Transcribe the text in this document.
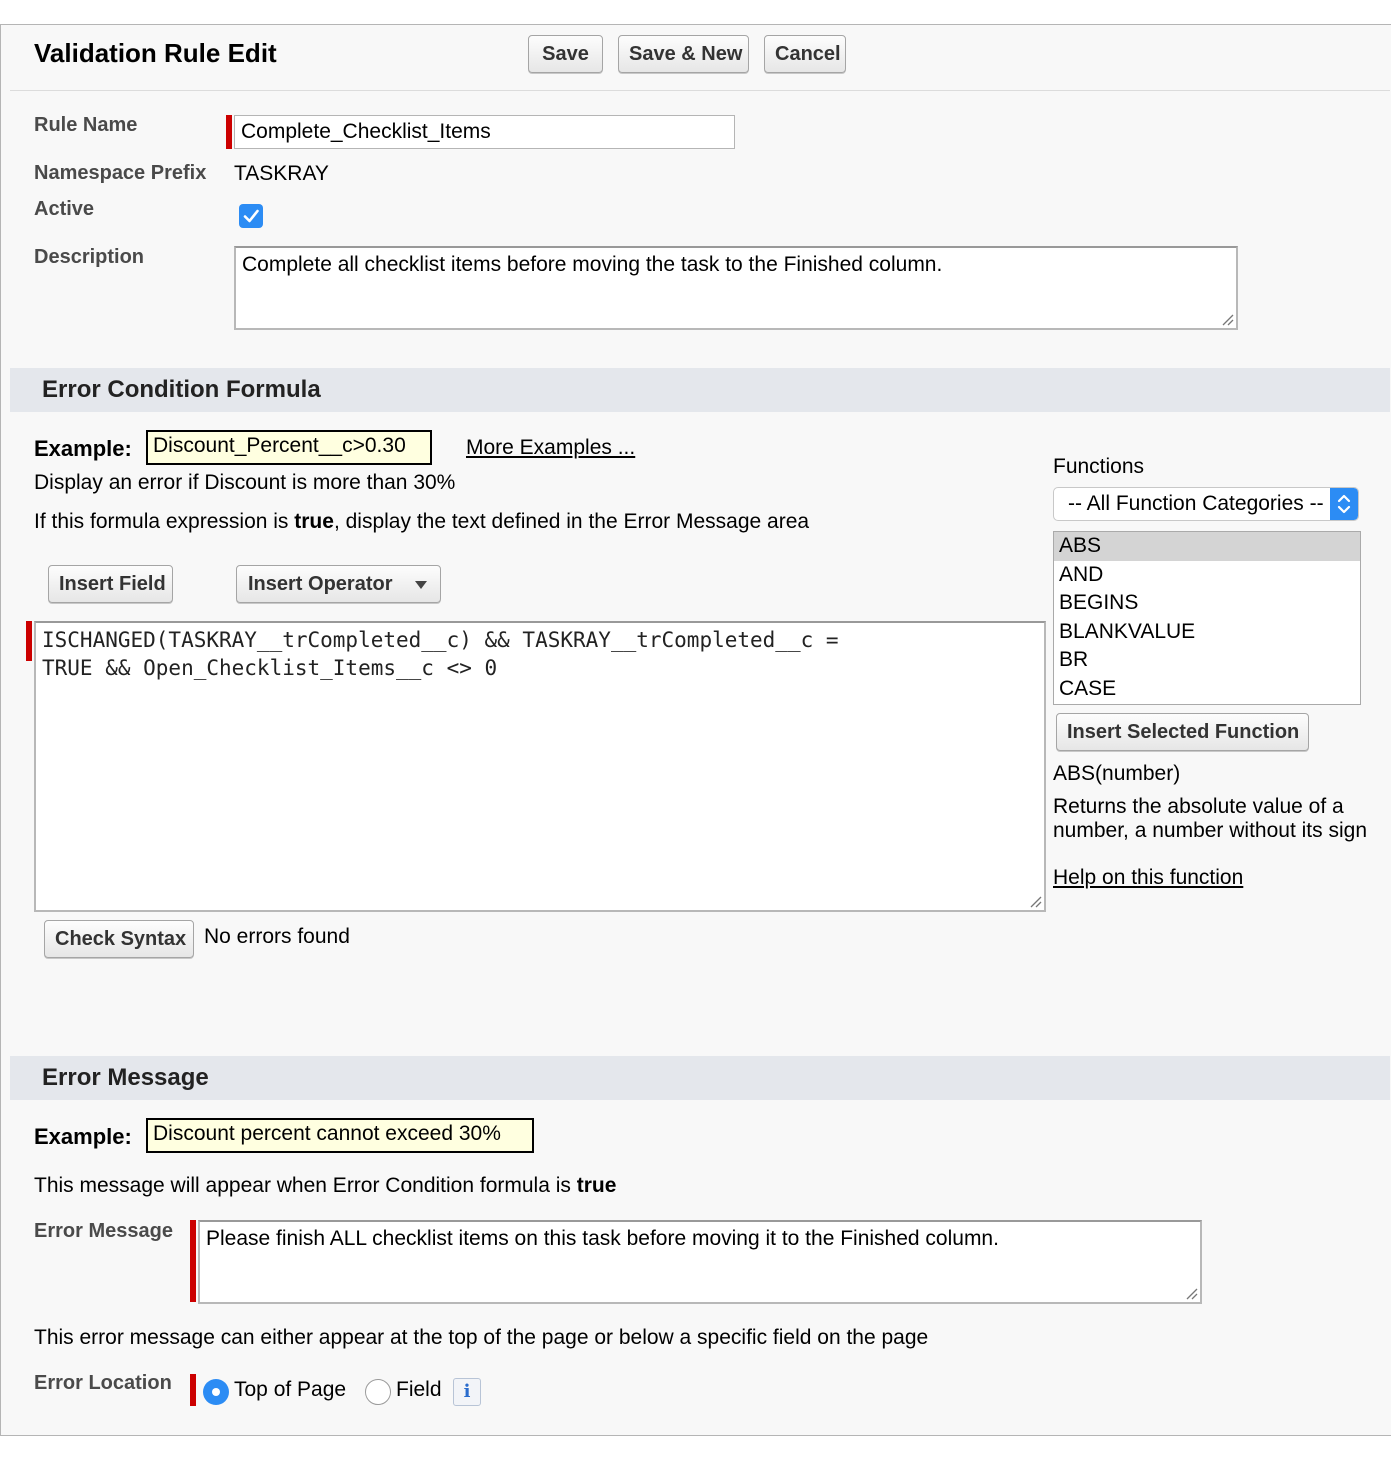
Validation Rule Edit	Save	Save & New	Cancel
Rule Name	Complete_Checklist_Items
Namespace Prefix TASKRAY
Active
Description	Complete all checklist items before moving the task to the Finished column.
Error Condition Formula
Example:	Discount_Percent__c>0.30	More Examples ...
Display an error if Discount is more than 30%
If this formula expression is true, display the text defined in the Error Message area
Insert Field	Insert Operator
ISCHANGED(TASKRAY__trCompleted__c) && TASKRAY__trCompleted__c =
TRUE && Open_Checklist_Items__c <> 0
Check Syntax No errors found
Functions
-- All Function Categories --
ABS
AND
BEGINS
BLANKVALUE
BR
CASE
Insert Selected Function
ABS(number)
Returns the absolute value of a
number, a number without its sign
Help on this function
Error Message
Example:	Discount percent cannot exceed 30%
This message will appear when Error Condition formula is true
Error Message	Please finish ALL checklist items on this task before moving it to the Finished column.
This error message can either appear at the top of the page or below a specific field on the page
Error Location	Top of Page Field	i
